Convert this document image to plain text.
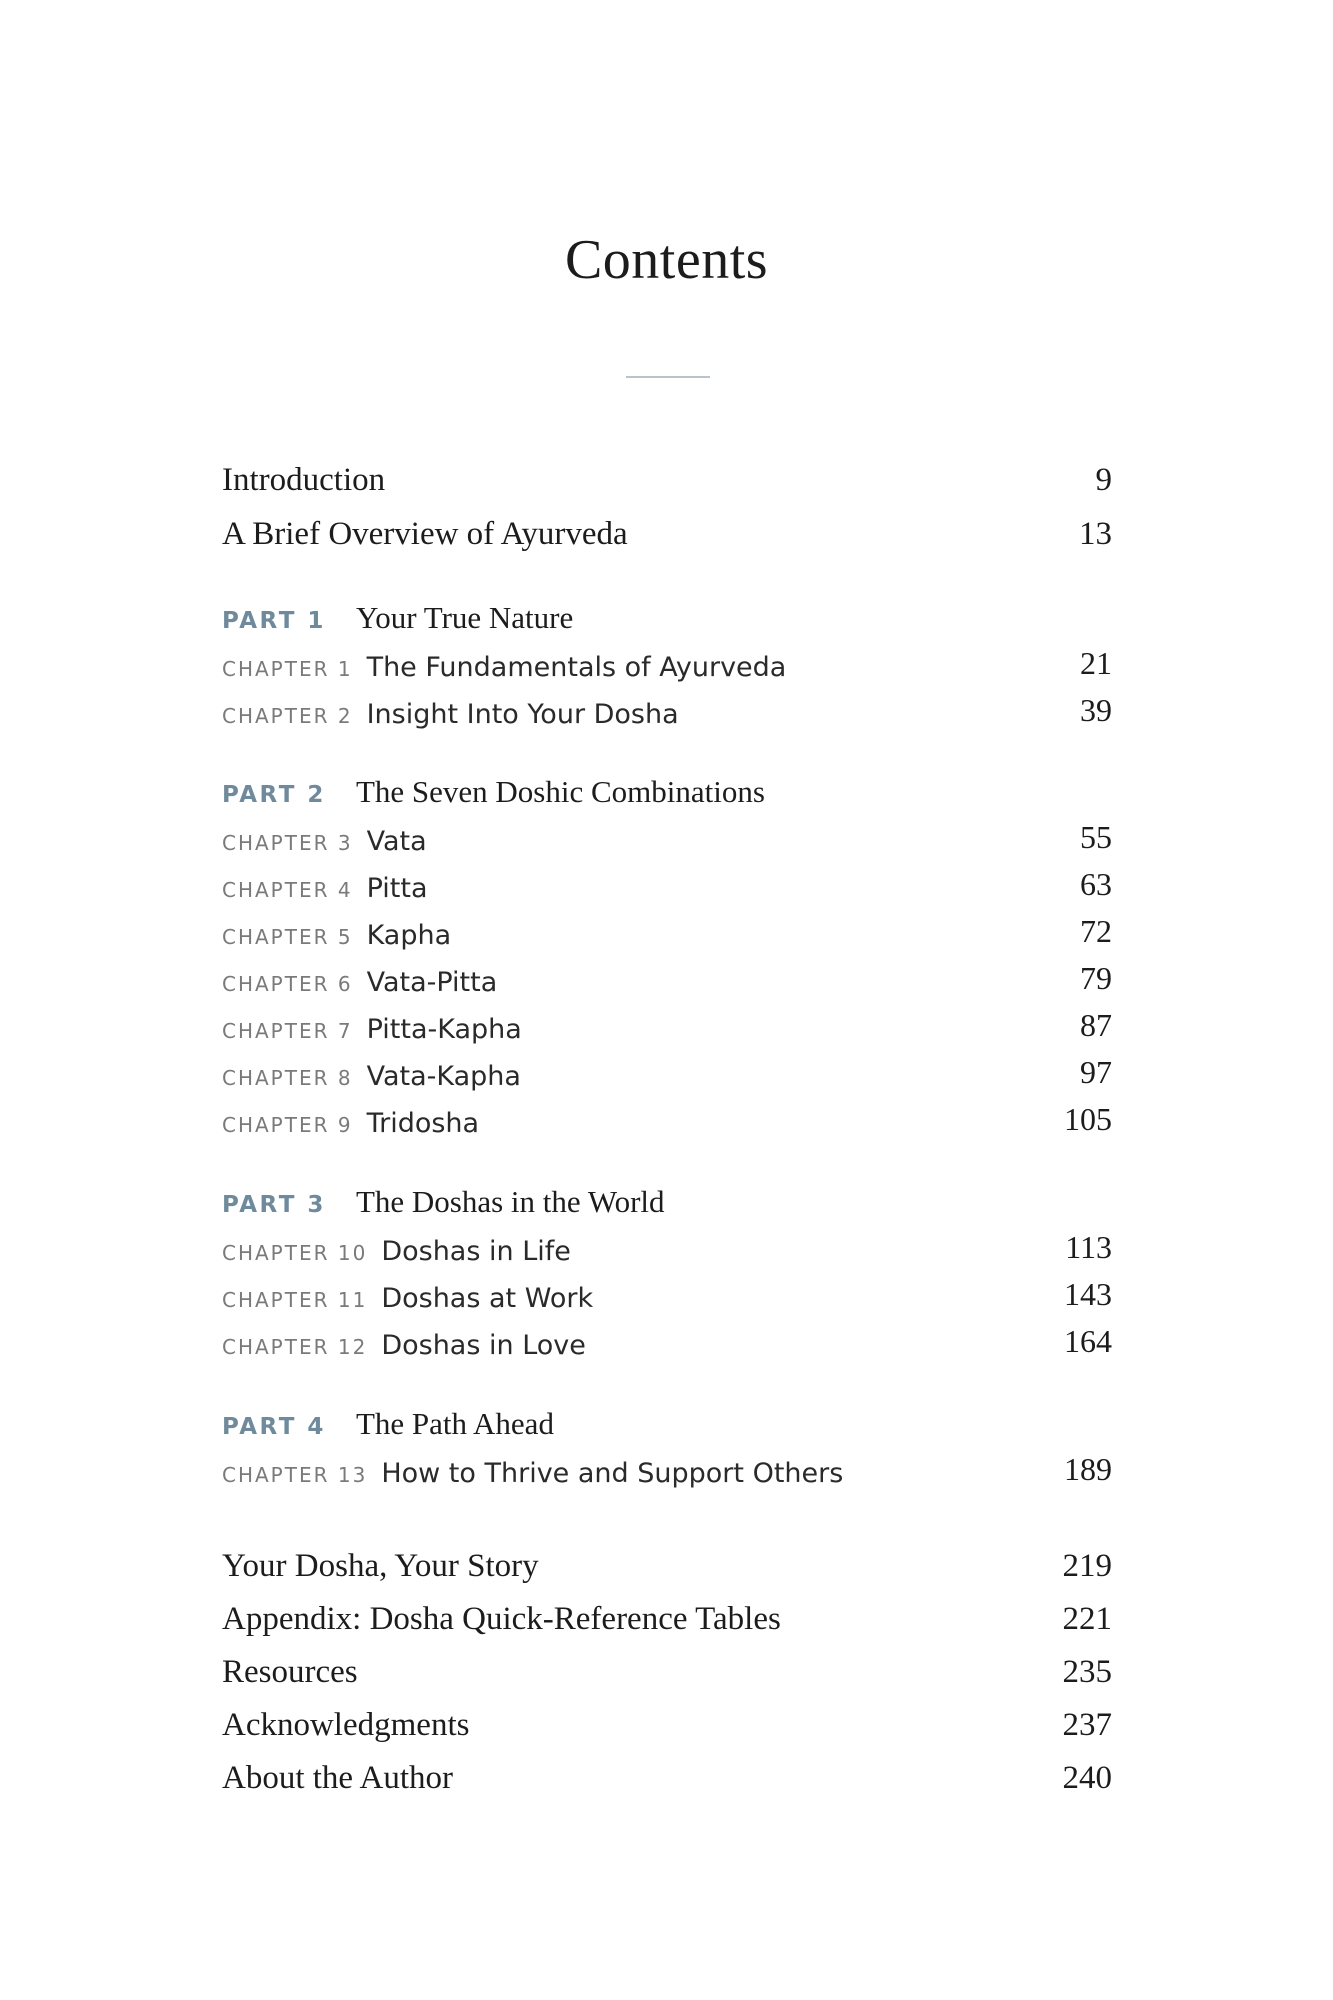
Contents
Introduction	9
A Brief Overview of Ayurveda	13
PART 1 Your True Nature
CHAPTER 1 The Fundamentals of Ayurveda	21
CHAPTER 2 Insight Into Your Dosha	39
PART 2 The Seven Doshic Combinations
CHAPTER 3 Vata	55
CHAPTER 4 Pitta	63
CHAPTER 5 Kapha	72
CHAPTER 6 Vata-Pitta	79
CHAPTER 7 Pitta-Kapha	87
CHAPTER 8 Vata-Kapha	97
CHAPTER 9 Tridosha	105
PART 3 The Doshas in the World
CHAPTER 10 Doshas in Life	113
CHAPTER 11 Doshas at Work	143
CHAPTER 12 Doshas in Love	164
PART 4 The Path Ahead
CHAPTER 13 How to Thrive and Support Others	189
Your Dosha, Your Story	219
Appendix: Dosha Quick-Reference Tables	221
Resources	235
Acknowledgments	237
About the Author	240
